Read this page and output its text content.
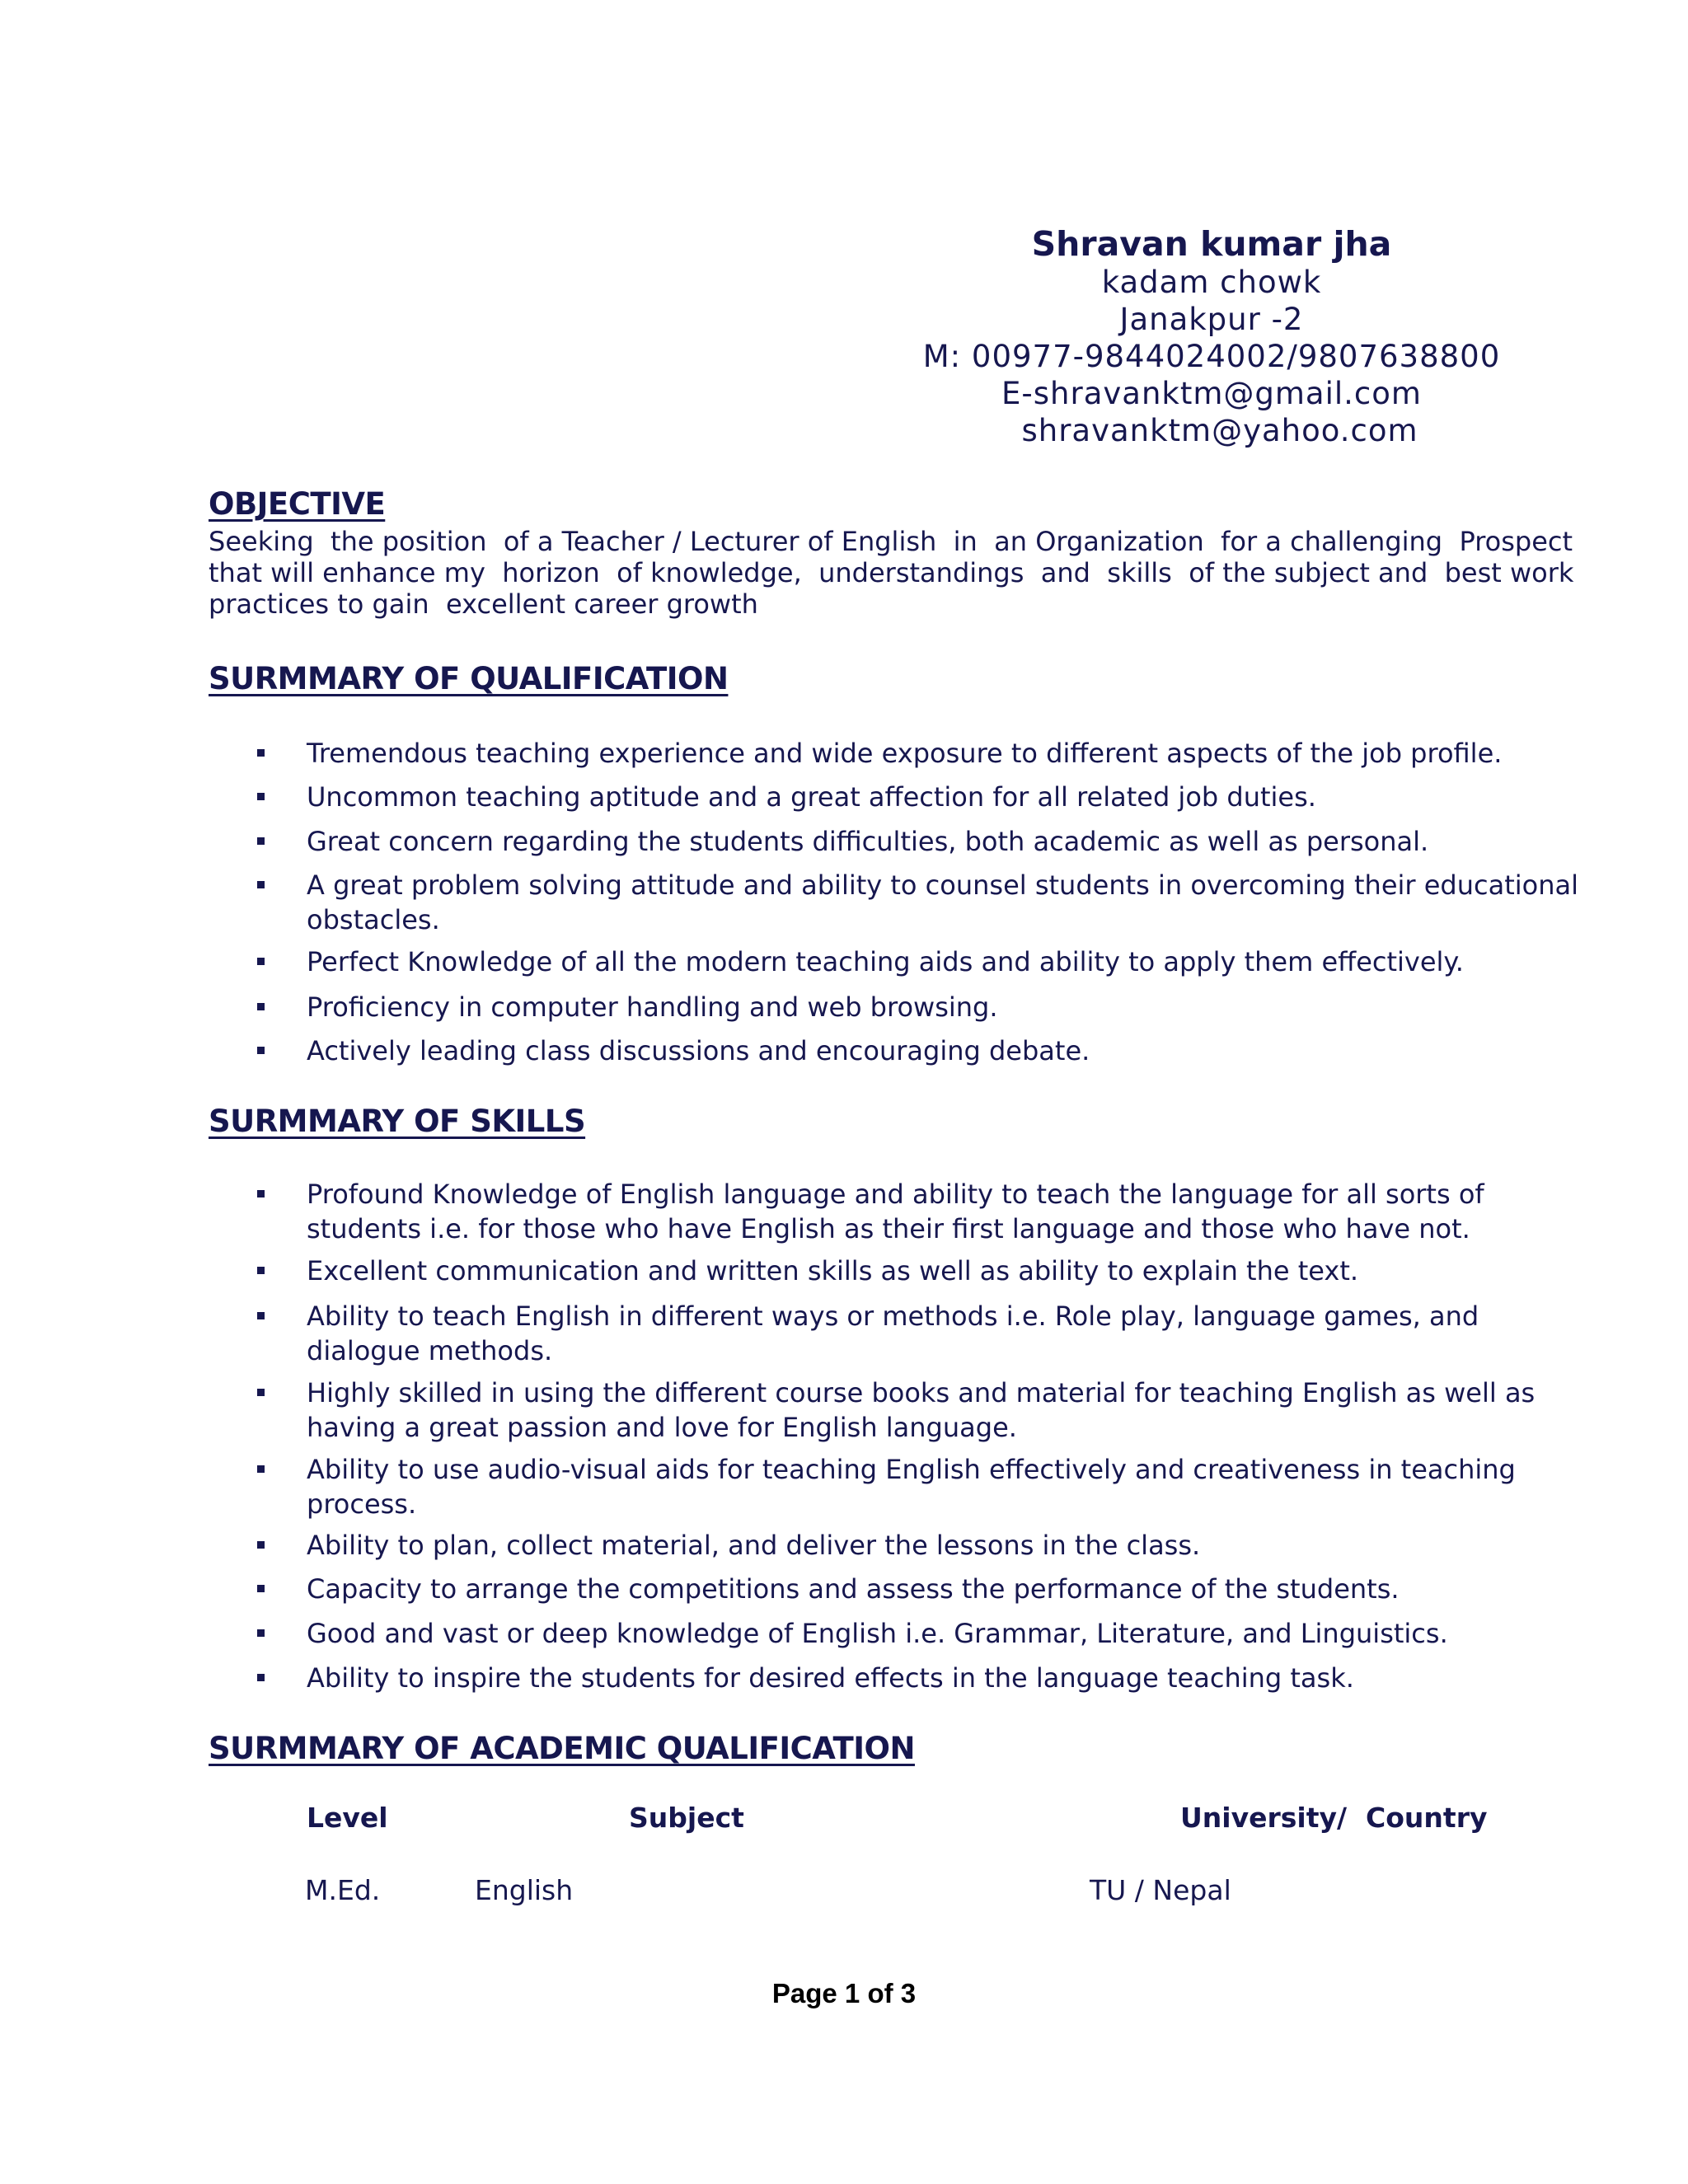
Shravan kumar jha
kadam chowk
Janakpur -2
M: 00977-9844024002/9807638800
E-shravanktm@gmail.com
shravanktm@yahoo.com
OBJECTIVE
Seeking  the position  of a Teacher / Lecturer of English  in  an Organization  for a challenging  Prospect
that will enhance my  horizon  of knowledge,  understandings  and  skills  of the subject and  best work
practices to gain  excellent career growth
SURMMARY OF QUALIFICATION
Tremendous teaching experience and wide exposure to different aspects of the job profile.
Uncommon teaching aptitude and a great affection for all related job duties.
Great concern regarding the students difficulties, both academic as well as personal.
A great problem solving attitude and ability to counsel students in overcoming their educational obstacles.
Perfect Knowledge of all the modern teaching aids and ability to apply them effectively.
Proficiency in computer handling and web browsing.
Actively leading class discussions and encouraging debate.
SURMMARY OF SKILLS
Profound Knowledge of English language and ability to teach the language for all sorts of students i.e. for those who have English as their first language and those who have not.
Excellent communication and written skills as well as ability to explain the text.
Ability to teach English in different ways or methods i.e. Role play, language games, and dialogue methods.
Highly skilled in using the different course books and material for teaching English as well as having a great passion and love for English language.
Ability to use audio-visual aids for teaching English effectively and creativeness in teaching process.
Ability to plan, collect material, and deliver the lessons in the class.
Capacity to arrange the competitions and assess the performance of the students.
Good and vast or deep knowledge of English i.e. Grammar, Literature, and Linguistics.
Ability to inspire the students for desired effects in the language teaching task.
SURMMARY OF ACADEMIC QUALIFICATION
Level	Subject	University/  Country
M.Ed.	English	TU / Nepal
Page 1 of 3
